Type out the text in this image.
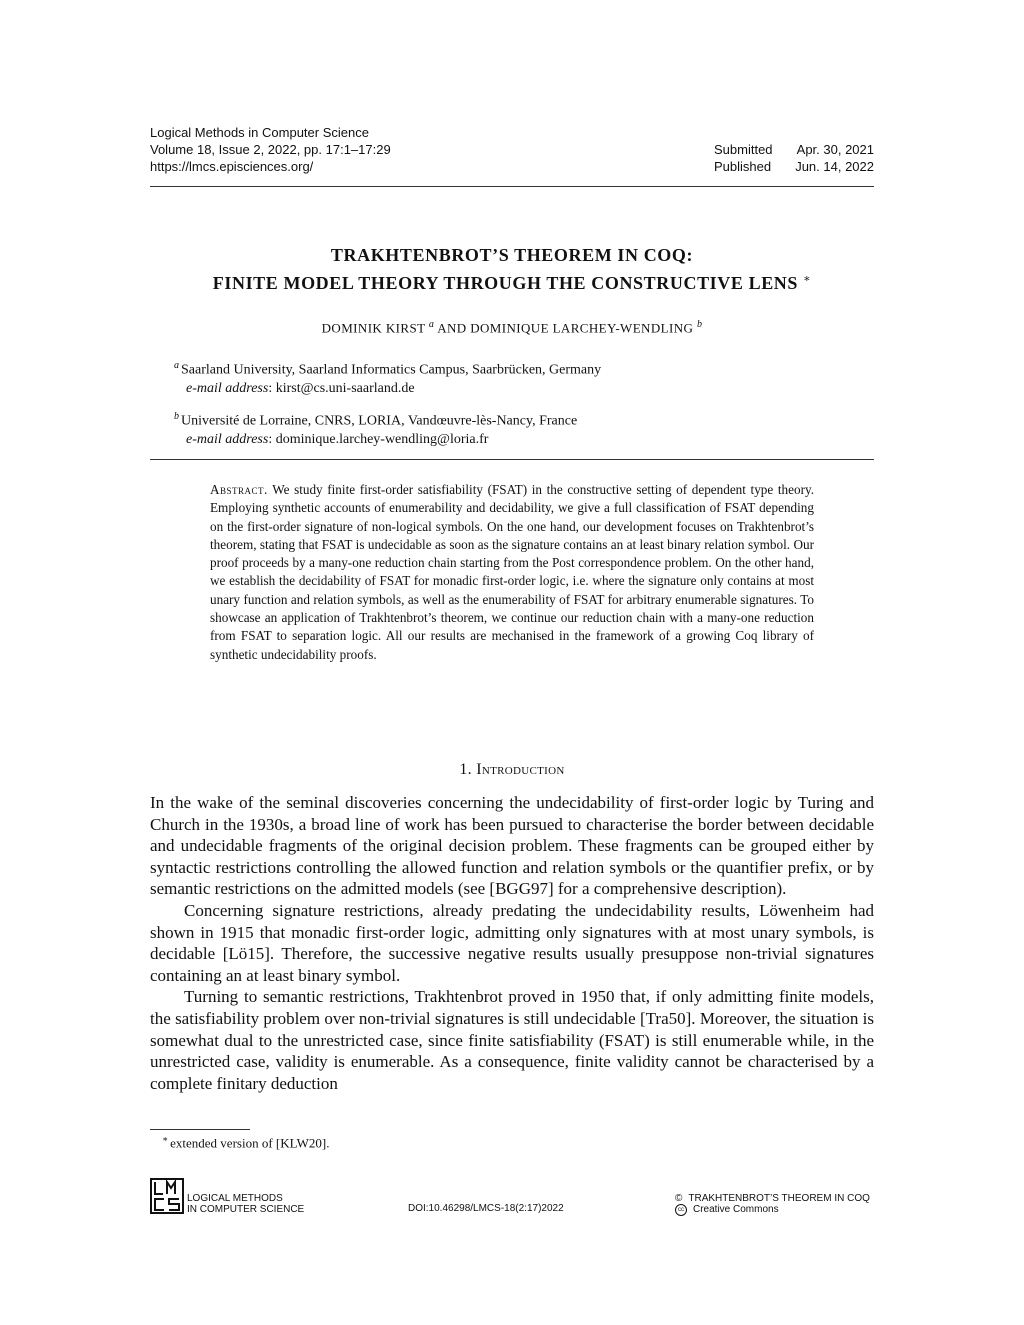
Logical Methods in Computer Science
Volume 18, Issue 2, 2022, pp. 17:1–17:29
https://lmcs.episciences.org/
Submitted	Apr. 30, 2021
Published	Jun. 14, 2022
TRAKHTENBROT’S THEOREM IN COQ:
FINITE MODEL THEORY THROUGH THE CONSTRUCTIVE LENS ∗
DOMINIK KIRST $^a$ AND DOMINIQUE LARCHEY-WENDLING $^b$
$^a$ Saarland University, Saarland Informatics Campus, Saarbrücken, Germany
e-mail address: kirst@cs.uni-saarland.de
$^b$ Université de Lorraine, CNRS, LORIA, Vandœuvre-lès-Nancy, France
e-mail address: dominique.larchey-wendling@loria.fr
Abstract. We study finite first-order satisfiability (FSAT) in the constructive setting of dependent type theory. Employing synthetic accounts of enumerability and decidability, we give a full classification of FSAT depending on the first-order signature of non-logical symbols. On the one hand, our development focuses on Trakhtenbrot’s theorem, stating that FSAT is undecidable as soon as the signature contains an at least binary relation symbol. Our proof proceeds by a many-one reduction chain starting from the Post correspondence problem. On the other hand, we establish the decidability of FSAT for monadic first-order logic, i.e. where the signature only contains at most unary function and relation symbols, as well as the enumerability of FSAT for arbitrary enumerable signatures. To showcase an application of Trakhtenbrot’s theorem, we continue our reduction chain with a many-one reduction from FSAT to separation logic. All our results are mechanised in the framework of a growing Coq library of synthetic undecidability proofs.
1. Introduction

In the wake of the seminal discoveries concerning the undecidability of first-order logic by Turing and Church in the 1930s, a broad line of work has been pursued to characterise the border between decidable and undecidable fragments of the original decision problem. These fragments can be grouped either by syntactic restrictions controlling the allowed function and relation symbols or the quantifier prefix, or by semantic restrictions on the admitted models (see [BGG97] for a comprehensive description).

Concerning signature restrictions, already predating the undecidability results, Löwenheim had shown in 1915 that monadic first-order logic, admitting only signatures with at most unary symbols, is decidable [Lö15]. Therefore, the successive negative results usually presuppose non-trivial signatures containing an at least binary symbol.

Turning to semantic restrictions, Trakhtenbrot proved in 1950 that, if only admitting finite models, the satisfiability problem over non-trivial signatures is still undecidable [Tra50]. Moreover, the situation is somewhat dual to the unrestricted case, since finite satisfiability (FSAT) is still enumerable while, in the unrestricted case, validity is enumerable. As a consequence, finite validity cannot be characterised by a complete finitary deduction

∗ extended version of [KLW20].
LMCS
LOGICAL METHODS
IN COMPUTER SCIENCE	DOI:10.46298/LMCS-18(2:17)2022
© TRAKHTENBROT’S THEOREM IN COQ
cc Creative Commons
